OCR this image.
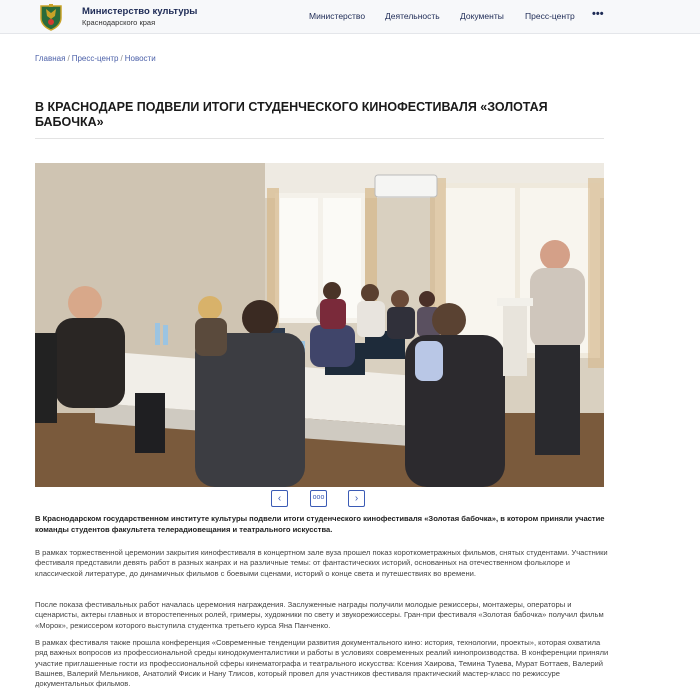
Министерство культуры
Краснодарского края
Министерство Деятельность Документы Пресс-центр •••
Главная / Пресс-центр / Новости
В КРАСНОДАРЕ ПОДВЕЛИ ИТОГИ СТУДЕНЧЕСКОГО КИНОФЕСТИВАЛЯ «ЗОЛОТАЯ БАБОЧКА»
‹	ooo	›

В Краснодарском государственном институте культуры подвели итоги студенческого кинофестиваля «Золотая бабочка», в котором приняли участие команды студентов факультета телерадиовещания и театрального искусства.

В рамках торжественной церемонии закрытия кинофестиваля в концертном зале вуза прошел показ короткометражных фильмов, снятых студентами. Участники фестиваля представили девять работ в разных жанрах и на различные темы: от фантастических историй, основанных на отечественном фольклоре и классической литературе, до динамичных фильмов с боевыми сценами, историй о конце света и путешествиях во времени.

После показа фестивальных работ началась церемония награждения. Заслуженные награды получили молодые режиссеры, монтажеры, операторы и сценаристы, актеры главных и второстепенных ролей, гримеры, художники по свету и звукорежиссеры. Гран-при фестиваля «Золотая бабочка» получил фильм «Морок», режиссером которого выступила студентка третьего курса Яна Панченко.

В рамках фестиваля также прошла конференция «Современные тенденции развития документального кино: история, технологии, проекты», которая охватила ряд важных вопросов из профессиональной среды кинодокументалистики и работы в условиях современных реалий кинопроизводства. В конференции приняли участие приглашенные гости из профессиональной сферы кинематографа и театрального искусства: Ксения Хаирова, Темина Туаева, Мурат Боттаев, Валерий Вашнев, Валерий Мельников, Анатолий Фисик и Нану Тлисов, который провел для участников фестиваля практический мастер-класс по режиссуре документальных фильмов.
